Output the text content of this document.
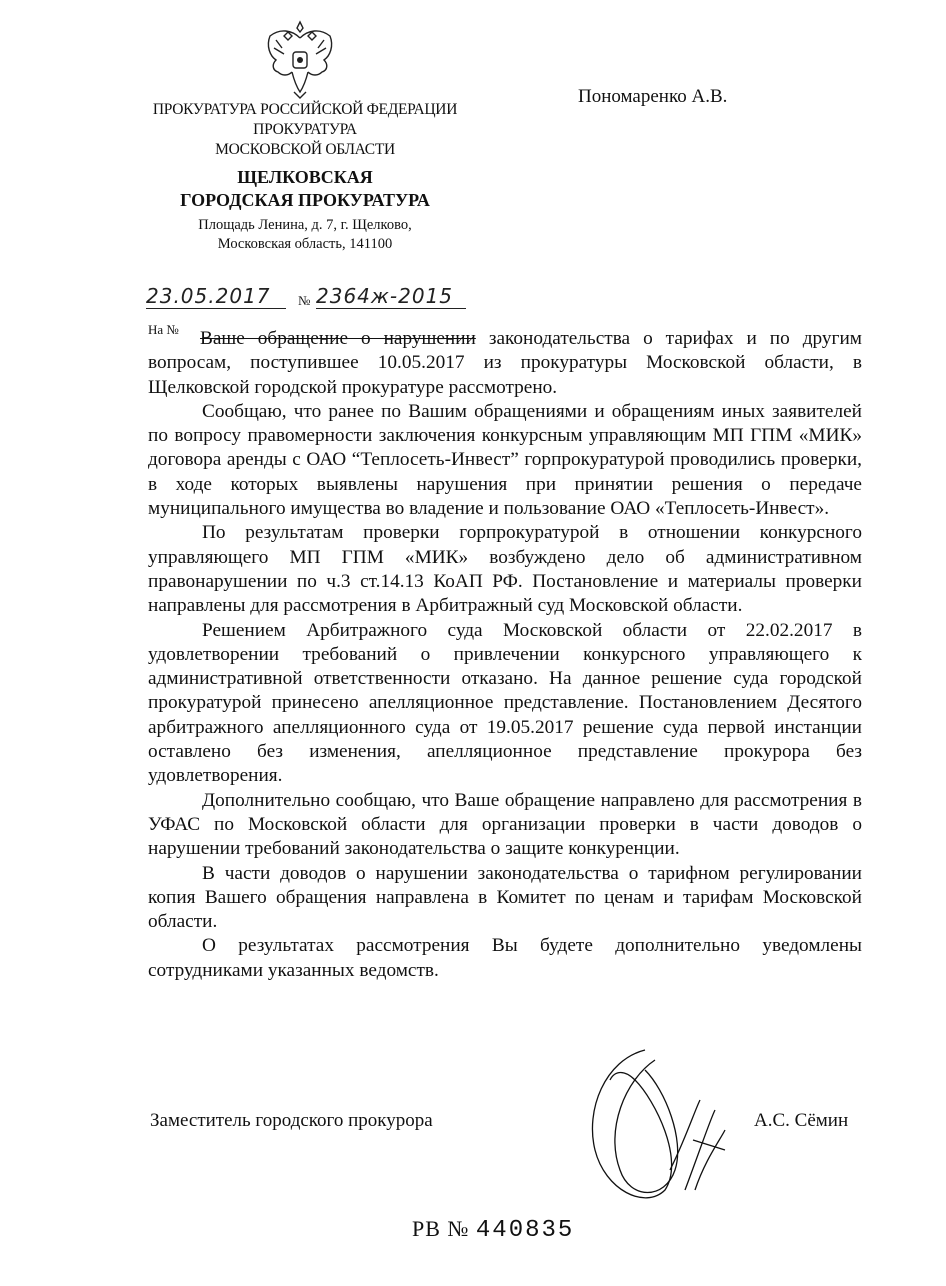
ПРОКУРАТУРА РОССИЙСКОЙ ФЕДЕРАЦИИ
ПРОКУРАТУРА
МОСКОВСКОЙ ОБЛАСТИ
ЩЕЛКОВСКАЯ
ГОРОДСКАЯ ПРОКУРАТУРА
Площадь Ленина, д. 7, г. Щелково,
Московская область, 141100
Пономаренко А.В.
23.05.2017	№ 2364ж-2015
На №	Ваше обращение о нарушении законодательства о тарифах и по другим вопросам, поступившее 10.05.2017 из прокуратуры Московской области, в Щелковской городской прокуратуре рассмотрено.

Сообщаю, что ранее по Вашим обращениями и обращениям иных заявителей по вопросу правомерности заключения конкурсным управляющим МП ГПМ «МИК» договора аренды с ОАО “Теплосеть-Инвест” горпрокуратурой проводились проверки, в ходе которых выявлены нарушения при принятии решения о передаче муниципального имущества во владение и пользование ОАО «Теплосеть-Инвест».

По результатам проверки горпрокуратурой в отношении конкурсного управляющего МП ГПМ «МИК» возбуждено дело об административном правонарушении по ч.3 ст.14.13 КоАП РФ. Постановление и материалы проверки направлены для рассмотрения в Арбитражный суд Московской области.

Решением Арбитражного суда Московской области от 22.02.2017 в удовлетворении требований о привлечении конкурсного управляющего к административной ответственности отказано. На данное решение суда городской прокуратурой принесено апелляционное представление. Постановлением Десятого арбитражного апелляционного суда от 19.05.2017 решение суда первой инстанции оставлено без изменения, апелляционное представление прокурора без удовлетворения.

Дополнительно сообщаю, что Ваше обращение направлено для рассмотрения в УФАС по Московской области для организации проверки в части доводов о нарушении требований законодательства о защите конкуренции.

В части доводов о нарушении законодательства о тарифном регулировании копия Вашего обращения направлена в Комитет по ценам и тарифам Московской области.

О результатах рассмотрения Вы будете дополнительно уведомлены сотрудниками указанных ведомств.

Заместитель городского прокурора	А.С. Сёмин
РВ № 440835
